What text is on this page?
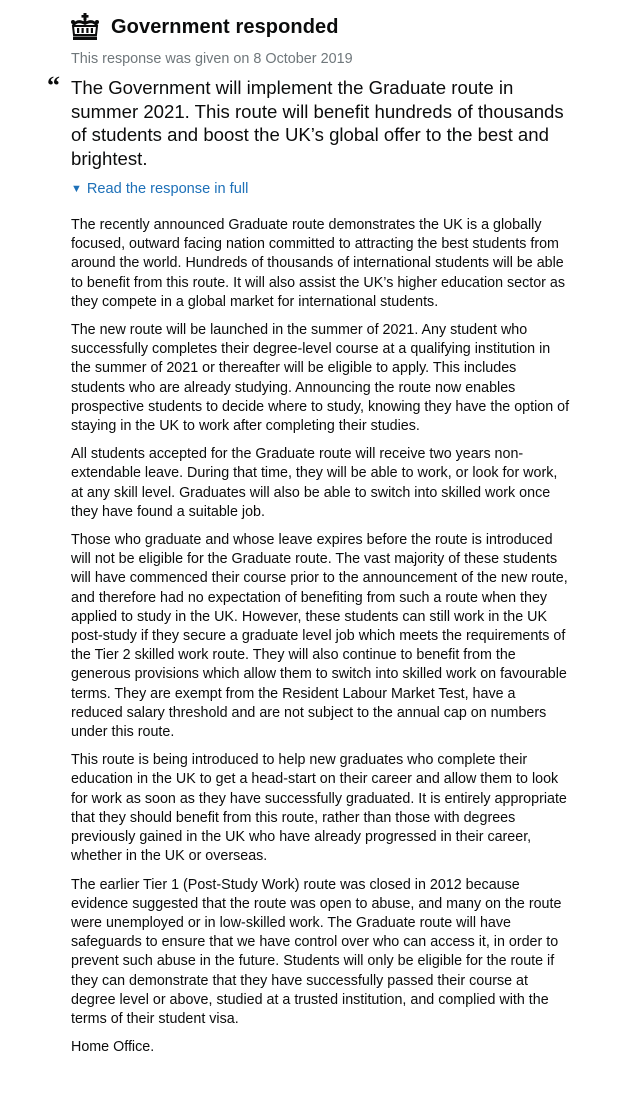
Government responded
This response was given on 8 October 2019
“ The Government will implement the Graduate route in summer 2021. This route will benefit hundreds of thousands of students and boost the UK’s global offer to the best and brightest.

▼ Read the response in full

The recently announced Graduate route demonstrates the UK is a globally focused, outward facing nation committed to attracting the best students from around the world. Hundreds of thousands of international students will be able to benefit from this route. It will also assist the UK’s higher education sector as they compete in a global market for international students.

The new route will be launched in the summer of 2021. Any student who successfully completes their degree-level course at a qualifying institution in the summer of 2021 or thereafter will be eligible to apply. This includes students who are already studying. Announcing the route now enables prospective students to decide where to study, knowing they have the option of staying in the UK to work after completing their studies.

All students accepted for the Graduate route will receive two years non-extendable leave. During that time, they will be able to work, or look for work, at any skill level. Graduates will also be able to switch into skilled work once they have found a suitable job.

Those who graduate and whose leave expires before the route is introduced will not be eligible for the Graduate route. The vast majority of these students will have commenced their course prior to the announcement of the new route, and therefore had no expectation of benefiting from such a route when they applied to study in the UK. However, these students can still work in the UK post-study if they secure a graduate level job which meets the requirements of the Tier 2 skilled work route. They will also continue to benefit from the generous provisions which allow them to switch into skilled work on favourable terms. They are exempt from the Resident Labour Market Test, have a reduced salary threshold and are not subject to the annual cap on numbers under this route.

This route is being introduced to help new graduates who complete their education in the UK to get a head-start on their career and allow them to look for work as soon as they have successfully graduated. It is entirely appropriate that they should benefit from this route, rather than those with degrees previously gained in the UK who have already progressed in their career, whether in the UK or overseas.

The earlier Tier 1 (Post-Study Work) route was closed in 2012 because evidence suggested that the route was open to abuse, and many on the route were unemployed or in low-skilled work. The Graduate route will have safeguards to ensure that we have control over who can access it, in order to prevent such abuse in the future. Students will only be eligible for the route if they can demonstrate that they have successfully passed their course at degree level or above, studied at a trusted institution, and complied with the terms of their student visa.

Home Office.
